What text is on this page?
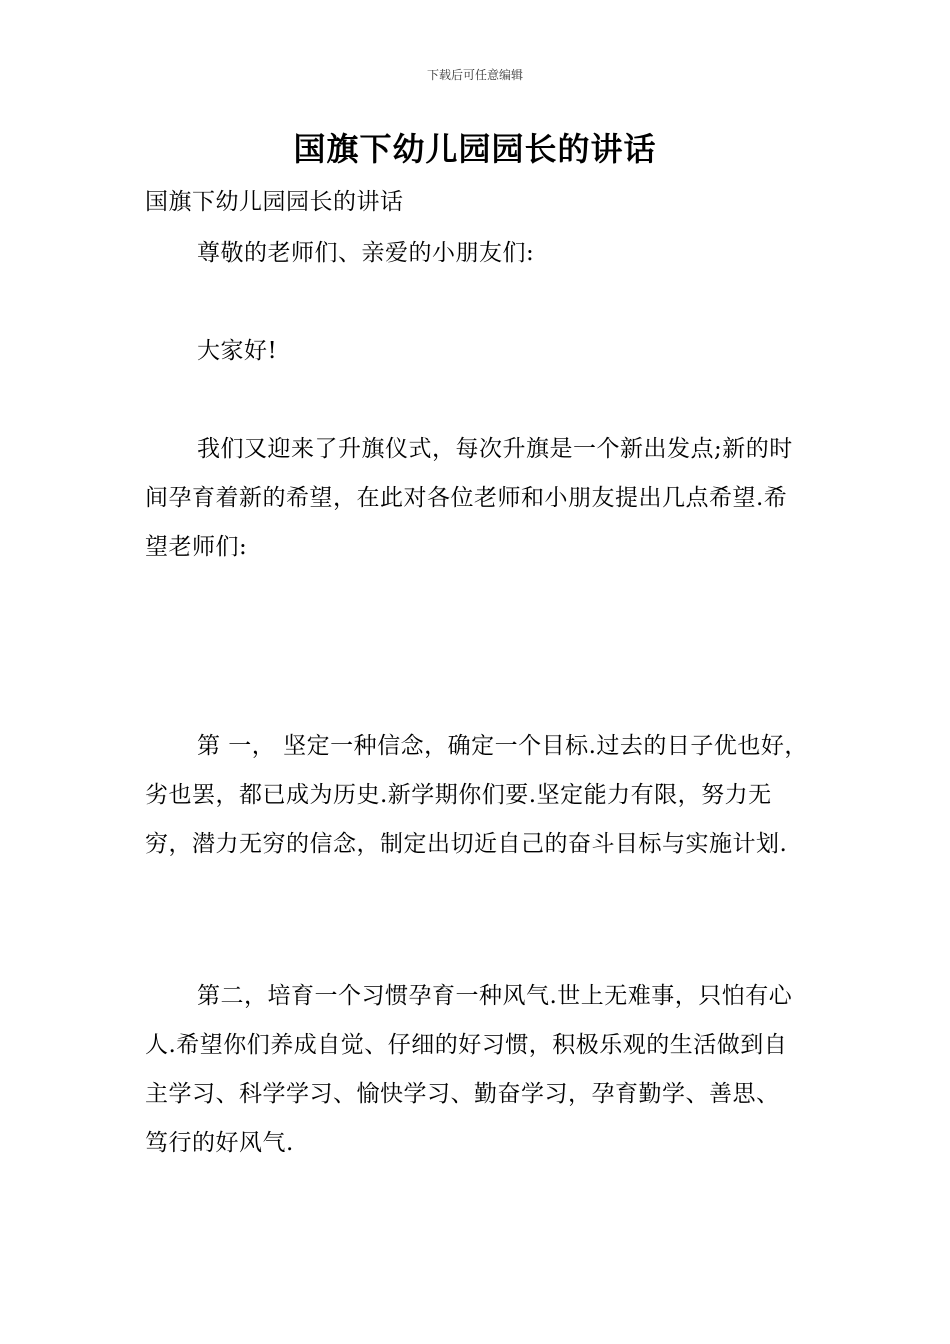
下载后可任意编辑
国旗下幼儿园园长的讲话

国旗下幼儿园园长的讲话

尊敬的老师们、亲爱的小朋友们:

大家好!

我们又迎来了升旗仪式，每次升旗是一个新出发点;新的时间孕育着新的希望，在此对各位老师和小朋友提出几点希望.希望老师们:

第 一， 坚定一种信念，确定一个目标.过去的日子优也好，劣也罢，都已成为历史.新学期你们要.坚定能力有限，努力无穷，潜力无穷的信念，制定出切近自己的奋斗目标与实施计划.

第二，培育一个习惯孕育一种风气.世上无难事，只怕有心人.希望你们养成自觉、仔细的好习惯，积极乐观的生活做到自主学习、科学学习、愉快学习、勤奋学习，孕育勤学、善思、 笃行的好风气.
